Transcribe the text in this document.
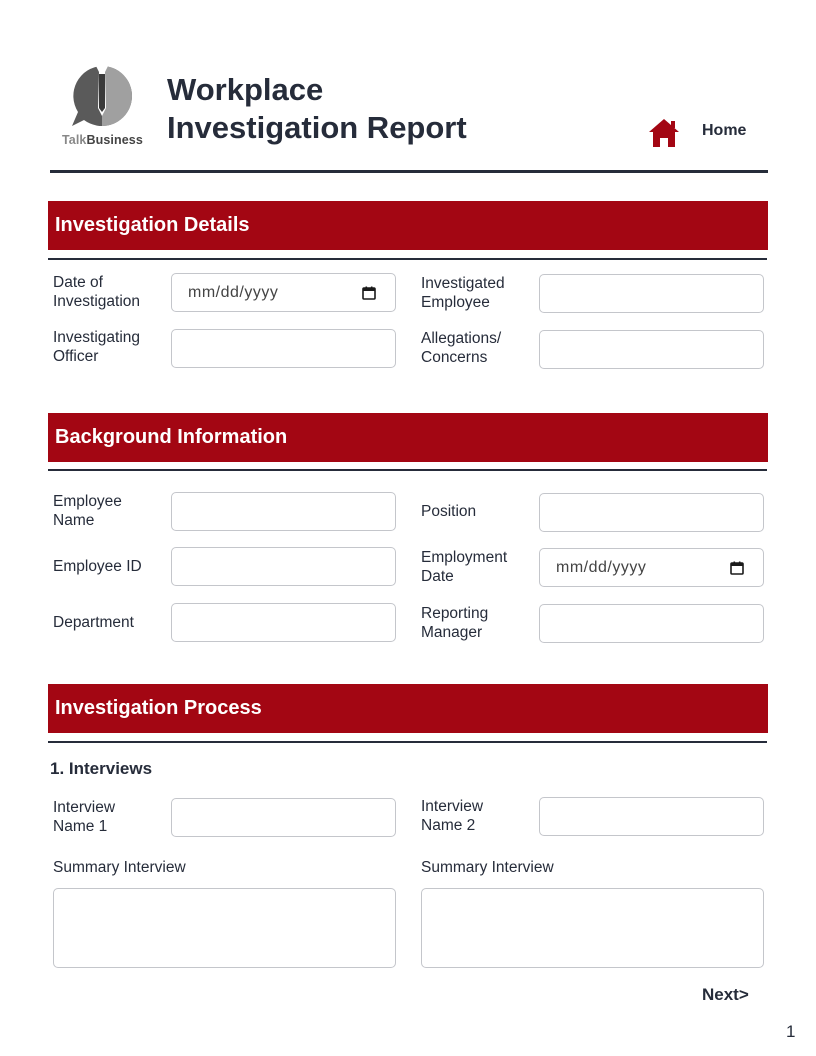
TalkBusiness
Workplace
Investigation Report	Home
Investigation Details
Date of
Investigation
mm/dd/yyyy
Investigated
Employee
Investigating
Officer
Allegations/
Concerns
Background Information
Employee
Name
Position
Employee ID
Employment
Date
mm/dd/yyyy
Department
Reporting
Manager
Investigation Process
1. Interviews
Interview
Name 1
Interview
Name 2
Summary Interview	Summary Interview
Next>
1
